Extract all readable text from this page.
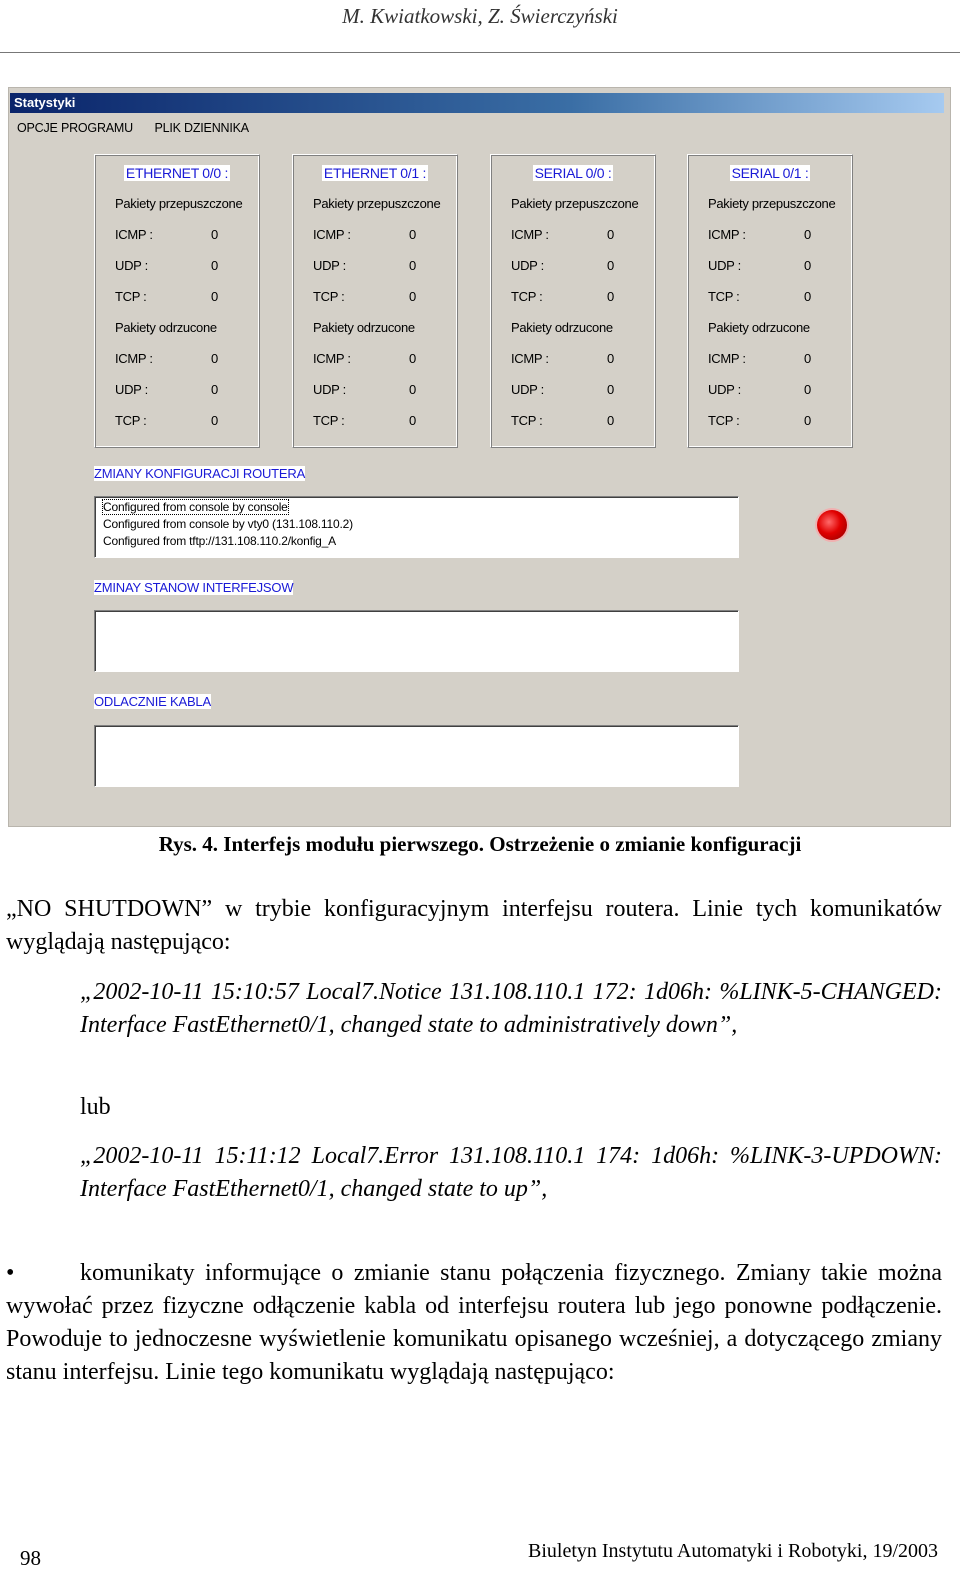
M. Kwiatkowski, Z. Świerczyński
Statystyki
OPCJE PROGRAMU PLIK DZIENNIKA
ETHERNET 0/0 :
Pakiety przepuszczone
ICMP :	0
UDP :	0
TCP :	0
Pakiety odrzucone
ICMP :	0
UDP :	0
TCP :	0
ETHERNET 0/1 :
Pakiety przepuszczone
ICMP :	0
UDP :	0
TCP :	0
Pakiety odrzucone
ICMP :	0
UDP :	0
TCP :	0
SERIAL 0/0 :
Pakiety przepuszczone
ICMP :	0
UDP :	0
TCP :	0
Pakiety odrzucone
ICMP :	0
UDP :	0
TCP :	0
SERIAL 0/1 :
Pakiety przepuszczone
ICMP :	0
UDP :	0
TCP :	0
Pakiety odrzucone
ICMP :	0
UDP :	0
TCP :	0
ZMIANY KONFIGURACJI ROUTERA
Configured from console by console
Configured from console by vty0 (131.108.110.2)
Configured from tftp://131.108.110.2/konfig_A
ZMINAY STANOW INTERFEJSOW
ODLACZNIE KABLA
Rys. 4. Interfejs modułu pierwszego. Ostrzeżenie o zmianie konfiguracji
„NO SHUTDOWN” w trybie konfiguracyjnym interfejsu routera. Linie tych komunikatów wyglądają następująco:
„2002-10-11 15:10:57 Local7.Notice 131.108.110.1 172: 1d06h: %LINK-5-CHANGED: Interface FastEthernet0/1, changed state to administratively down”,
lub
„2002-10-11 15:11:12 Local7.Error 131.108.110.1 174: 1d06h: %LINK-3-UPDOWN: Interface FastEthernet0/1, changed state to up”,
•	komunikaty informujące o zmianie stanu połączenia fizycznego. Zmiany takie można wywołać przez fizyczne odłączenie kabla od interfejsu routera lub jego ponowne podłączenie. Powoduje to jednoczesne wyświetlenie komunikatu opisanego wcześniej, a dotyczącego zmiany stanu interfejsu. Linie tego komunikatu wyglądają następująco:
98	Biuletyn Instytutu Automatyki i Robotyki, 19/2003
